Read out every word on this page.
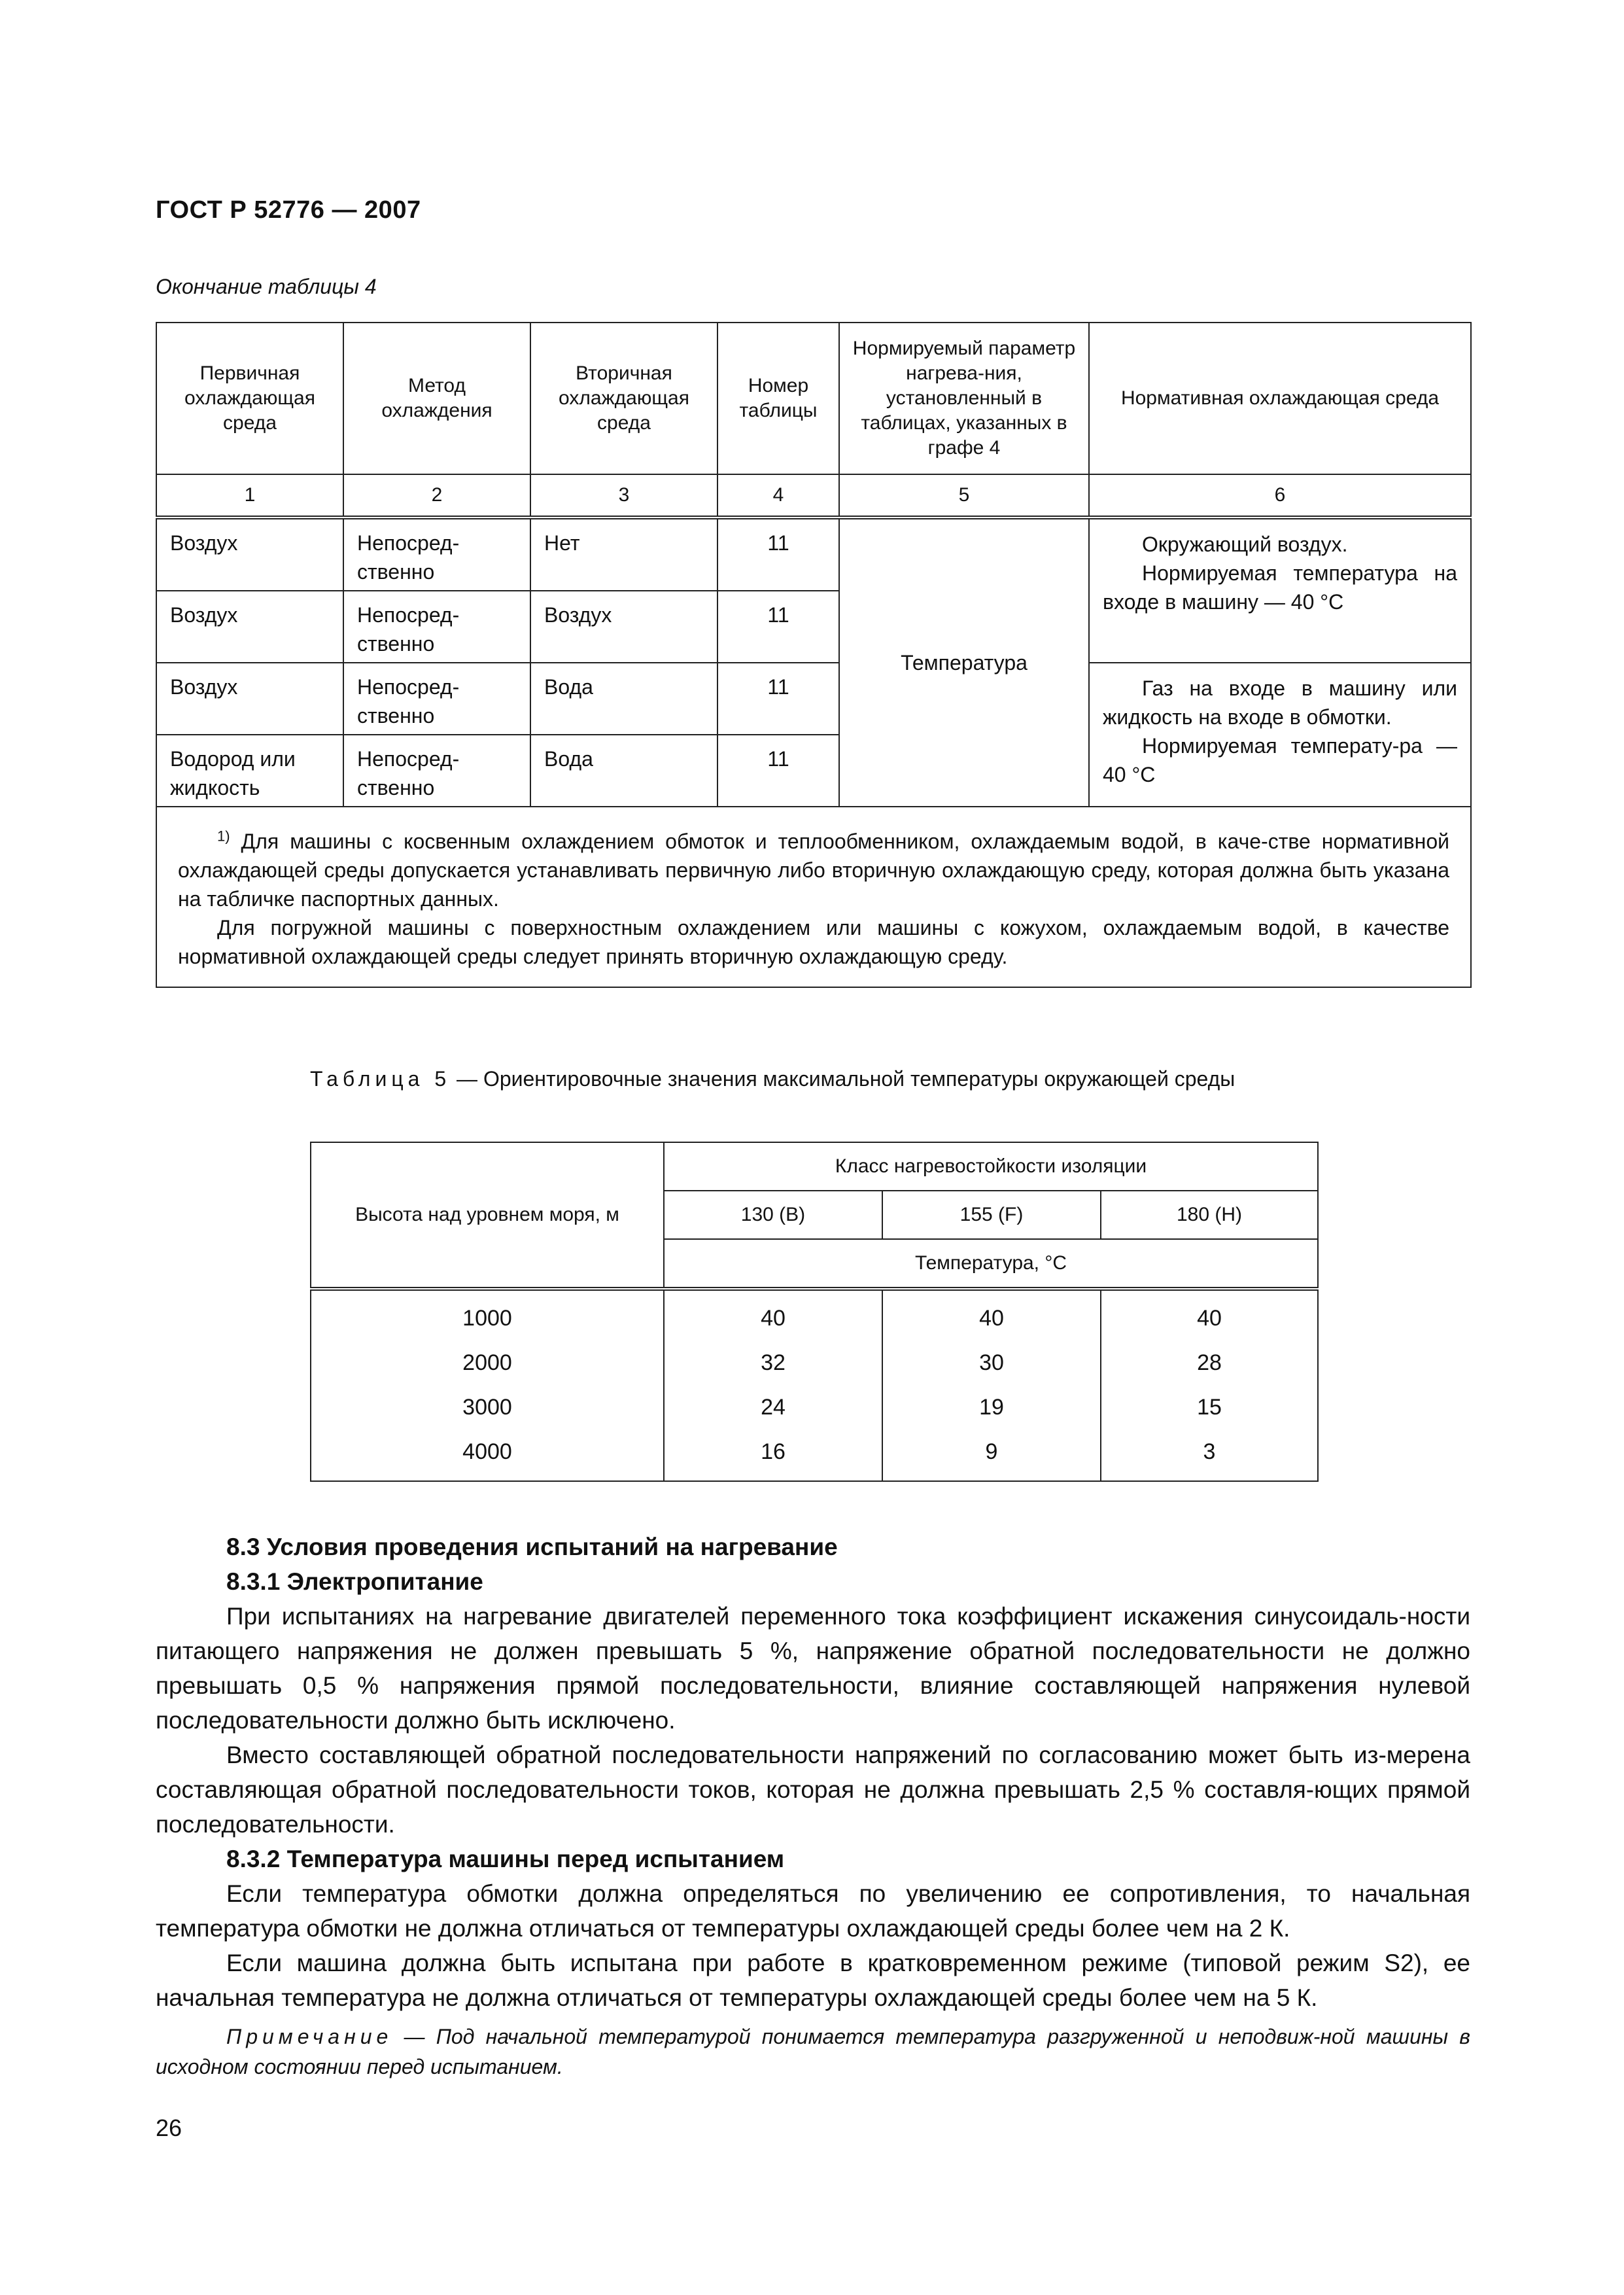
ГОСТ Р 52776 — 2007
Окончание таблицы 4
Первичная охлаждающая среда	Метод охлаждения	Вторичная охлаждающая среда	Номер таблицы	Нормируемый параметр нагрева-ния, установленный в таблицах, указанных в графе 4	Нормативная охлаждающая среда
1	2	3	4	5	6
Воздух	Непосред-ственно	Нет	11	Температура	Окружающий воздух.

Нормируемая температура на входе в машину — 40 °С

Воздух	Непосред-ственно	Воздух	11		
Воздух	Непосред-ственно	Вода	11		Газ на входе в машину или жидкость на входе в обмотки.

Нормируемая температу-ра — 40 °С

Водород или жидкость	Непосред-ственно	Вода	11		

$^{1)}$ Для машины с косвенным охлаждением обмоток и теплообменником, охлаждаемым водой, в каче-стве нормативной охлаждающей среды допускается устанавливать первичную либо вторичную охлаждающую среду, которая должна быть указана на табличке паспортных данных.

Для погружной машины с поверхностным охлаждением или машины с кожухом, охлаждаемым водой, в качестве нормативной охлаждающей среды следует принять вторичную охлаждающую среду.					

Таблица 5 — Ориентировочные значения максимальной температуры окружающей среды
Высота над уровнем моря, м	Класс нагревостойкости изоляции		
	130 (В)	155 (F)	180 (Н)
	Температура, °С		
1000	40	40	40
2000	32	30	28
3000	24	19	15
4000	16	9	3

8.3 Условия проведения испытаний на нагревание

8.3.1 Электропитание

При испытаниях на нагревание двигателей переменного тока коэффициент искажения синусоидаль-ности питающего напряжения не должен превышать 5 %, напряжение обратной последовательности не должно превышать 0,5 % напряжения прямой последовательности, влияние составляющей напряжения нулевой последовательности должно быть исключено.

Вместо составляющей обратной последовательности напряжений по согласованию может быть из-мерена составляющая обратной последовательности токов, которая не должна превышать 2,5 % составля-ющих прямой последовательности.

8.3.2 Температура машины перед испытанием

Если температура обмотки должна определяться по увеличению ее сопротивления, то начальная температура обмотки не должна отличаться от температуры охлаждающей среды более чем на 2 К.

Если машина должна быть испытана при работе в кратковременном режиме (типовой режим S2), ее начальная температура не должна отличаться от температуры охлаждающей среды более чем на 5 К.

Примечание — Под начальной температурой понимается температура разгруженной и неподвиж-ной машины в исходном состоянии перед испытанием.
26
